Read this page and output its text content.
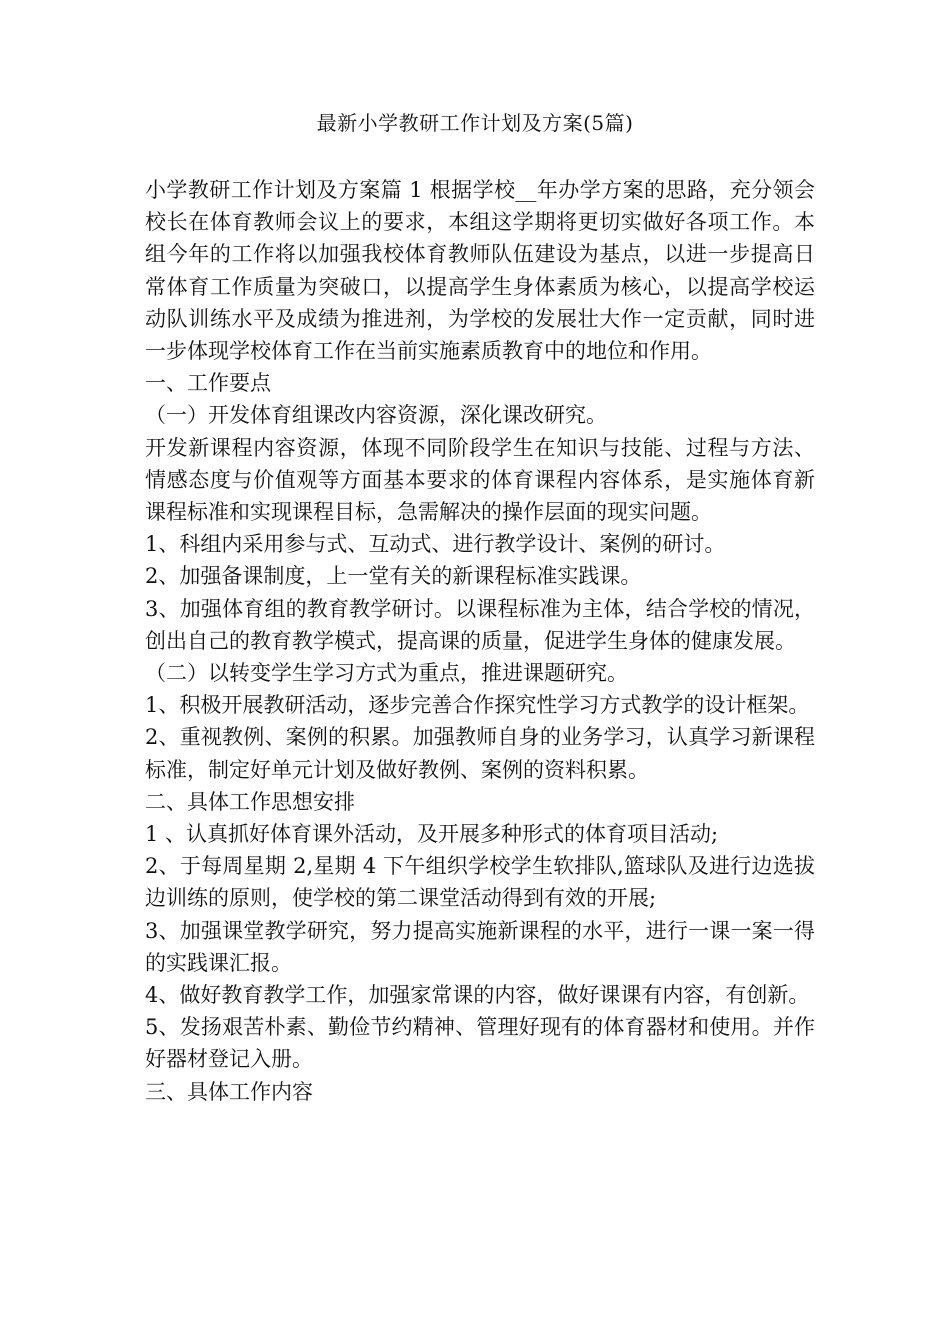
最新小学教研工作计划及方案(5篇)

小学教研工作计划及方案篇 1 根据学校__年办学方案的思路，充分领会校长在体育教师会议上的要求，本组这学期将更切实做好各项工作。本组今年的工作将以加强我校体育教师队伍建设为基点，以进一步提高日常体育工作质量为突破口，以提高学生身体素质为核心，以提高学校运动队训练水平及成绩为推进剂，为学校的发展壮大作一定贡献，同时进一步体现学校体育工作在当前实施素质教育中的地位和作用。

一、工作要点

（一）开发体育组课改内容资源，深化课改研究。

开发新课程内容资源，体现不同阶段学生在知识与技能、过程与方法、情感态度与价值观等方面基本要求的体育课程内容体系，是实施体育新课程标准和实现课程目标，急需解决的操作层面的现实问题。

1、科组内采用参与式、互动式、进行教学设计、案例的研讨。

2、加强备课制度，上一堂有关的新课程标准实践课。

3、加强体育组的教育教学研讨。以课程标准为主体，结合学校的情况，创出自己的教育教学模式，提高课的质量，促进学生身体的健康发展。

（二）以转变学生学习方式为重点，推进课题研究。

1、积极开展教研活动，逐步完善合作探究性学习方式教学的设计框架。

2、重视教例、案例的积累。加强教师自身的业务学习，认真学习新课程标准，制定好单元计划及做好教例、案例的资料积累。

二、具体工作思想安排

1 、认真抓好体育课外活动，及开展多种形式的体育项目活动;

2、于每周星期 2,星期 4 下午组织学校学生软排队,篮球队及进行边选拔边训练的原则，使学校的第二课堂活动得到有效的开展;

3、加强课堂教学研究，努力提高实施新课程的水平，进行一课一案一得的实践课汇报。

4、做好教育教学工作，加强家常课的内容，做好课课有内容，有创新。

5、发扬艰苦朴素、勤俭节约精神、管理好现有的体育器材和使用。并作好器材登记入册。

三、具体工作内容
